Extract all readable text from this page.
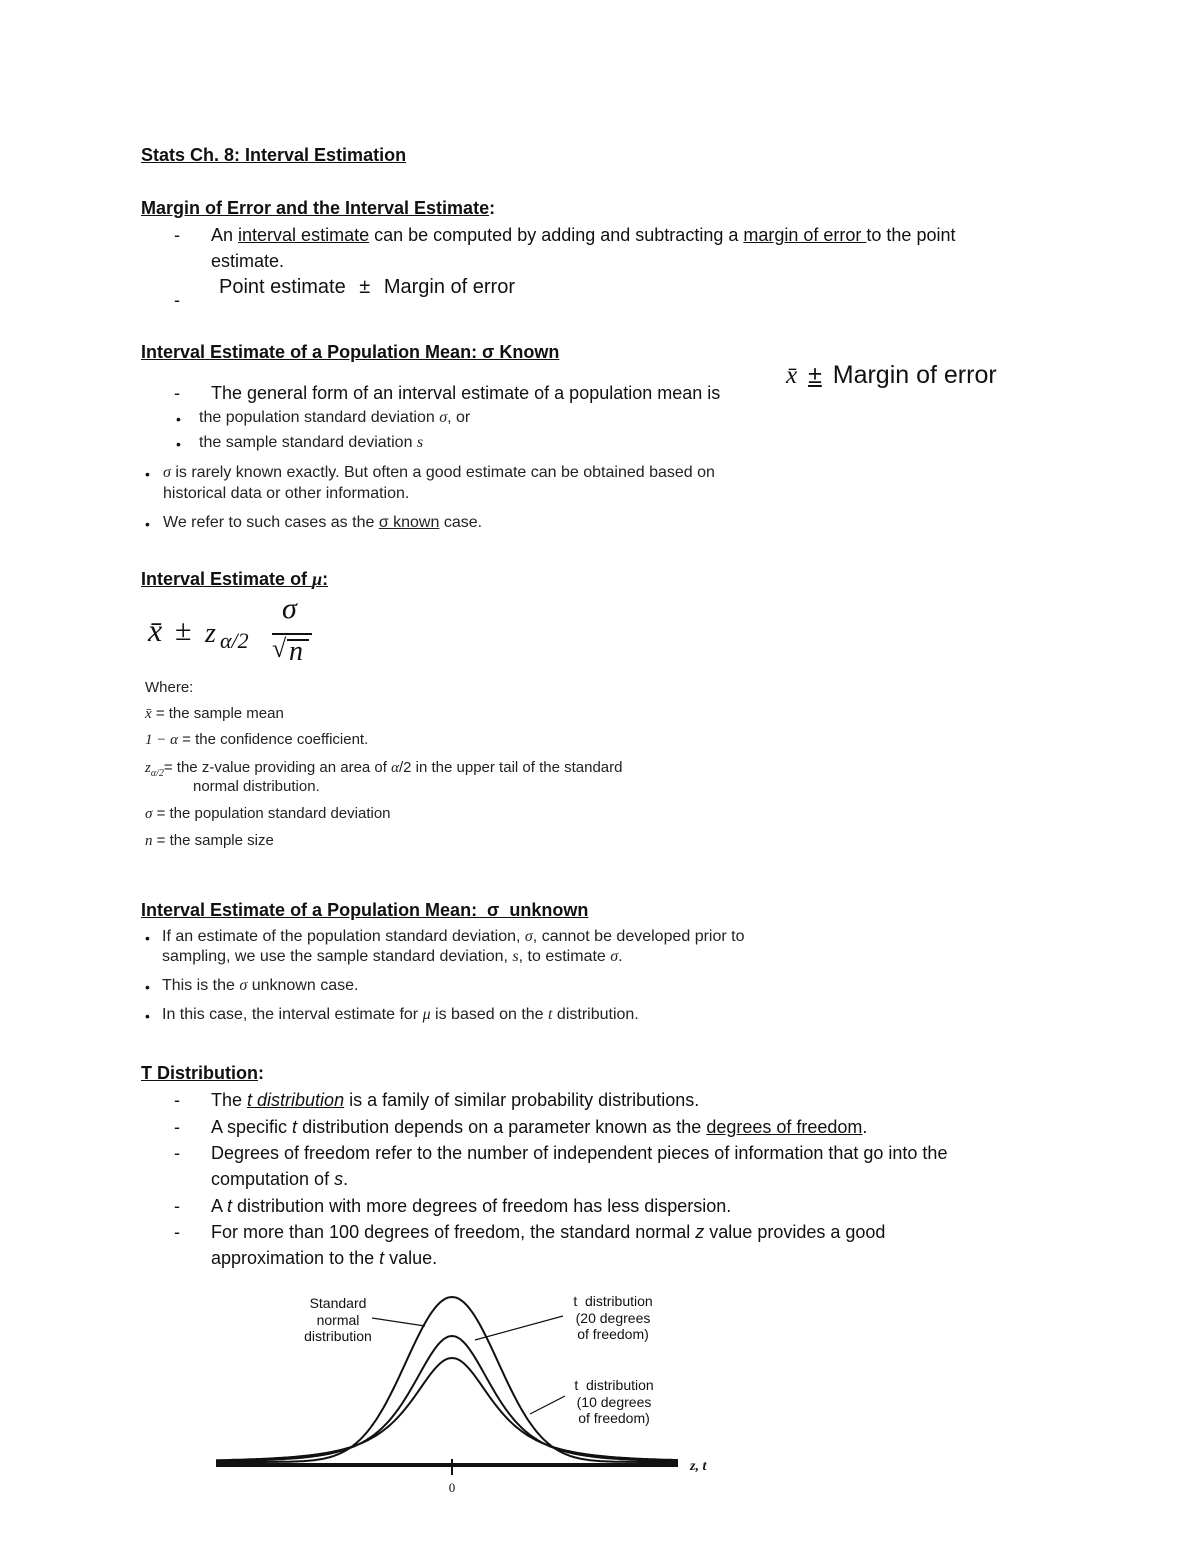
Stats Ch. 8: Interval Estimation
Margin of Error and the Interval Estimate:
- An interval estimate can be computed by adding and subtracting a margin of error to the point
estimate.
-
Point estimate ± Margin of error
Interval Estimate of a Population Mean: σ Known
- The general form of an interval estimate of a population mean is
x̄ ± Margin of error
• the population standard deviation σ, or
• the sample standard deviation s
• σ is rarely known exactly. But often a good estimate can be obtained based on
historical data or other information.
• We refer to such cases as the σ known case.
Interval Estimate of μ:
x̄ ± z α/2
σ
√ n
Where:
x̄ = the sample mean
1 − α = the confidence coefficient.
$z_{\alpha/2}=$ the z-value providing an area of α/2 in the upper tail of the standard
normal distribution.
σ = the population standard deviation
n = the sample size
Interval Estimate of a Population Mean:  σ  unknown
• If an estimate of the population standard deviation, σ, cannot be developed prior to
sampling, we use the sample standard deviation, s, to estimate σ.
• This is the σ unknown case.
• In this case, the interval estimate for μ is based on the t distribution.
T Distribution:
- The t distribution is a family of similar probability distributions.
- A specific t distribution depends on a parameter known as the degrees of freedom.
- Degrees of freedom refer to the number of independent pieces of information that go into the
computation of s.
- A t distribution with more degrees of freedom has less dispersion.
- For more than 100 degrees of freedom, the standard normal z value provides a good
approximation to the t value.
Standard
normal
distribution
t  distribution
(20 degrees
of freedom)
t  distribution
(10 degrees
of freedom)
z, t
0
